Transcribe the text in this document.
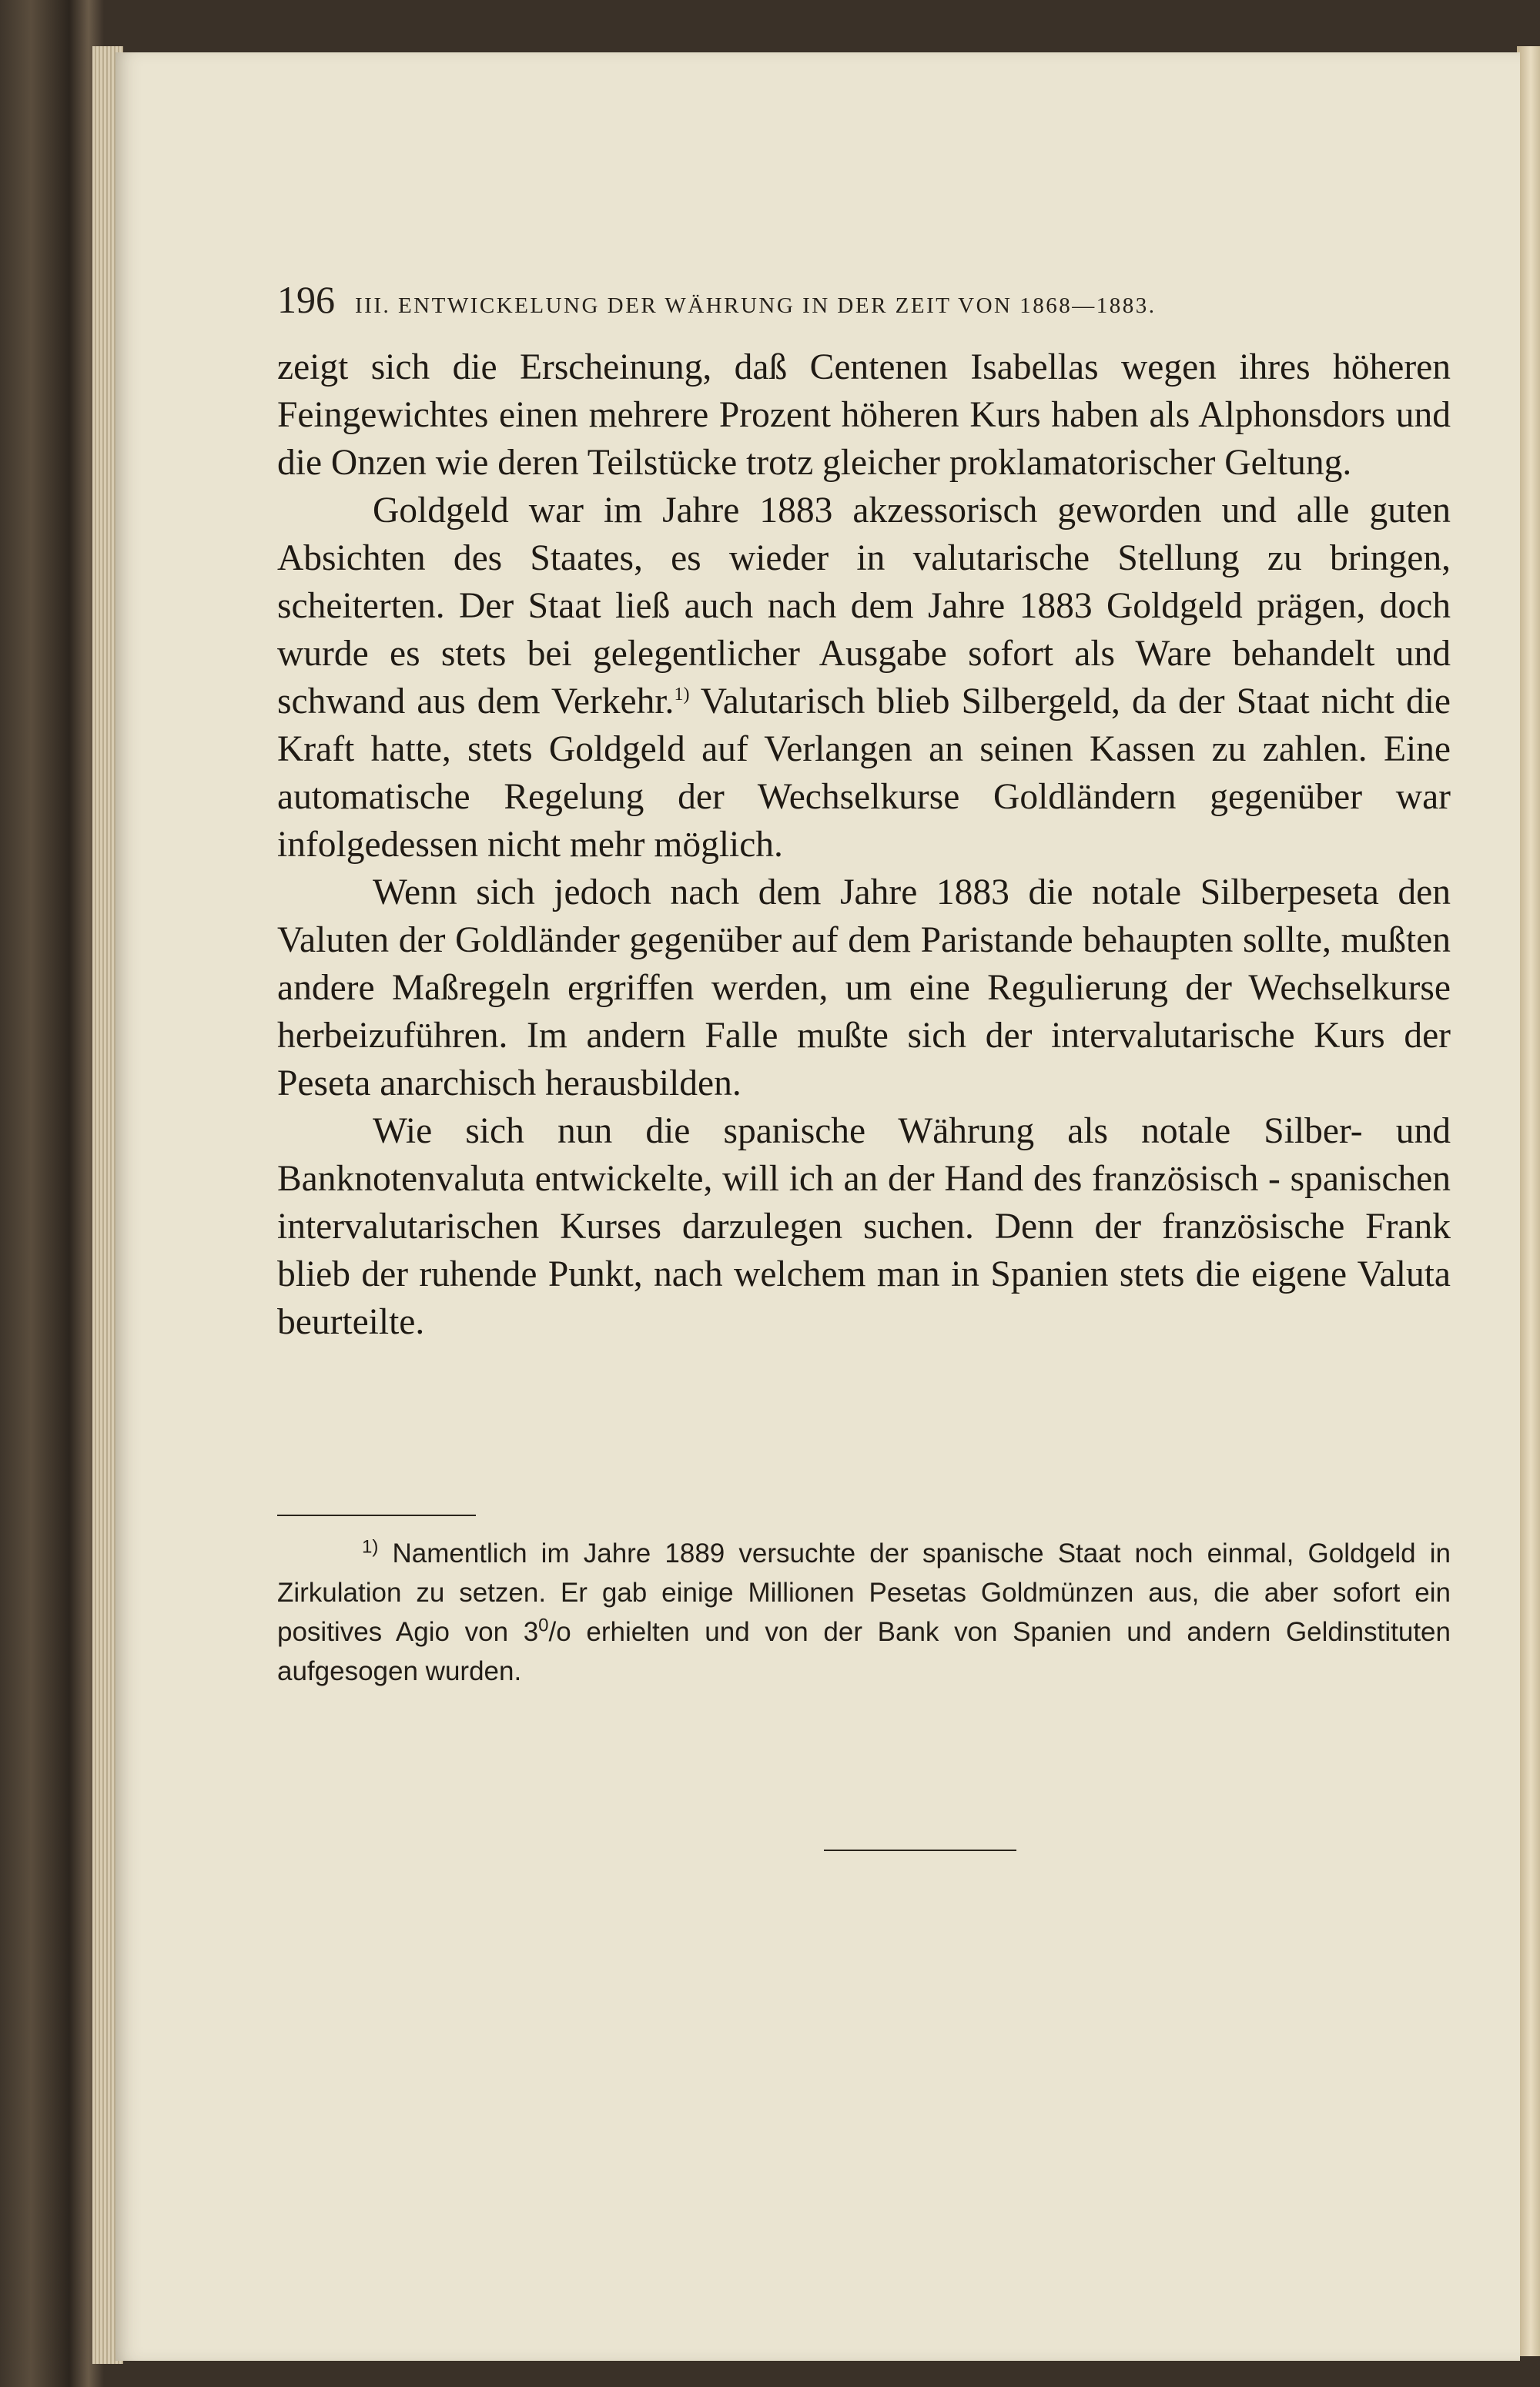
196 III. ENTWICKELUNG DER WÄHRUNG IN DER ZEIT VON 1868—1883.

zeigt sich die Erscheinung, daß Centenen Isabellas wegen ihres höheren Feingewichtes einen mehrere Prozent höheren Kurs haben als Alphonsdors und die Onzen wie deren Teilstücke trotz gleicher proklamatorischer Geltung.

Goldgeld war im Jahre 1883 akzessorisch geworden und alle guten Absichten des Staates, es wieder in valutarische Stellung zu bringen, scheiterten. Der Staat ließ auch nach dem Jahre 1883 Goldgeld prägen, doch wurde es stets bei gelegentlicher Ausgabe sofort als Ware behandelt und schwand aus dem Verkehr.$^{1)}$ Valutarisch blieb Silbergeld, da der Staat nicht die Kraft hatte, stets Goldgeld auf Verlangen an seinen Kassen zu zahlen. Eine automatische Regelung der Wechselkurse Goldländern gegenüber war infolgedessen nicht mehr möglich.

Wenn sich jedoch nach dem Jahre 1883 die notale Silberpeseta den Valuten der Goldländer gegenüber auf dem Paristande behaupten sollte, mußten andere Maßregeln ergriffen werden, um eine Regulierung der Wechselkurse herbeizuführen. Im andern Falle mußte sich der intervalutarische Kurs der Peseta anarchisch herausbilden.

Wie sich nun die spanische Währung als notale Silber- und Banknotenvaluta entwickelte, will ich an der Hand des französisch - spanischen intervalutarischen Kurses darzulegen suchen. Denn der französische Frank blieb der ruhende Punkt, nach welchem man in Spanien stets die eigene Valuta beurteilte.

$^{1)}$ Namentlich im Jahre 1889 versuchte der spanische Staat noch einmal, Goldgeld in Zirkulation zu setzen. Er gab einige Millionen Pesetas Goldmünzen aus, die aber sofort ein positives Agio von $3^0/o$ erhielten und von der Bank von Spanien und andern Geldinstituten aufgesogen wurden.
